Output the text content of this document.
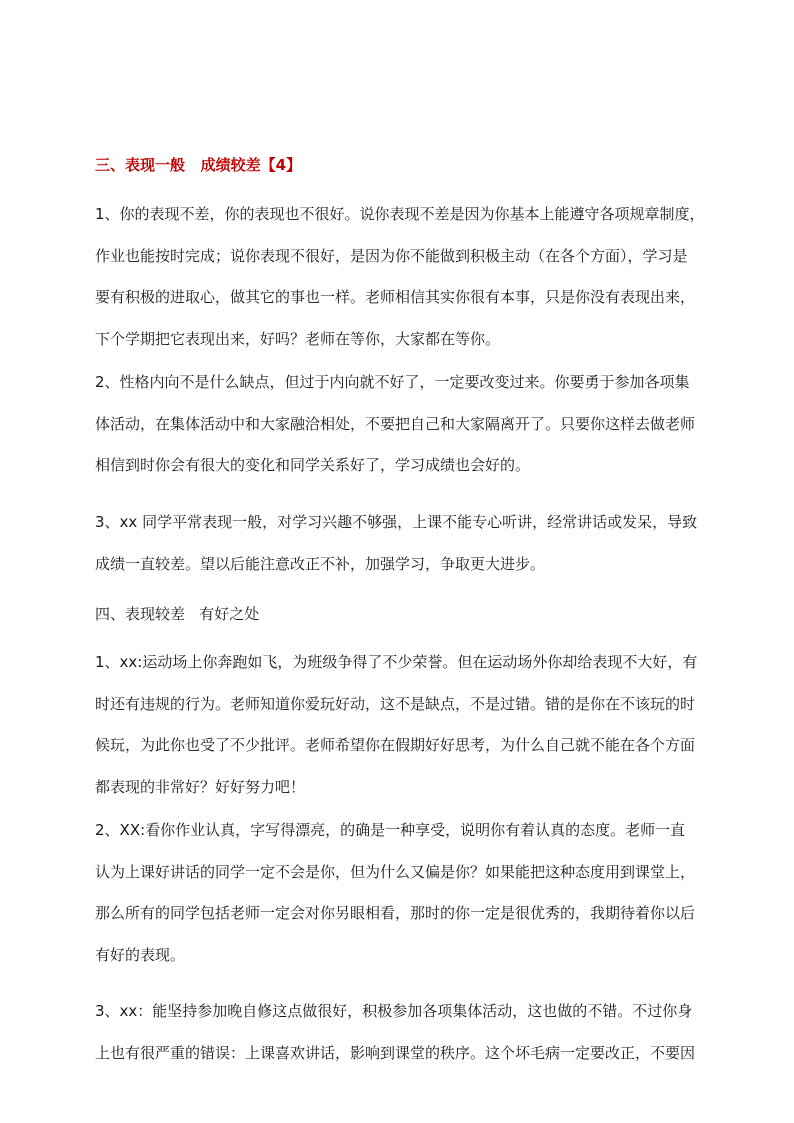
三、表现一般   成绩较差【4】
1、你的表现不差，你的表现也不很好。说你表现不差是因为你基本上能遵守各项规章制度，
作业也能按时完成；说你表现不很好，是因为你不能做到积极主动（在各个方面），学习是
要有积极的进取心，做其它的事也一样。老师相信其实你很有本事，只是你没有表现出来，
下个学期把它表现出来，好吗？老师在等你，大家都在等你。
2、性格内向不是什么缺点，但过于内向就不好了，一定要改变过来。你要勇于参加各项集
体活动，在集体活动中和大家融洽相处，不要把自己和大家隔离开了。只要你这样去做老师
相信到时你会有很大的变化和同学关系好了，学习成绩也会好的。
3、xx 同学平常表现一般，对学习兴趣不够强，上课不能专心听讲，经常讲话或发呆，导致
成绩一直较差。望以后能注意改正不补，加强学习，争取更大进步。
四、表现较差   有好之处
1、xx:运动场上你奔跑如飞，为班级争得了不少荣誉。但在运动场外你却给表现不大好，有
时还有违规的行为。老师知道你爱玩好动，这不是缺点，不是过错。错的是你在不该玩的时
候玩，为此你也受了不少批评。老师希望你在假期好好思考，为什么自己就不能在各个方面
都表现的非常好？好好努力吧！
2、XX:看你作业认真，字写得漂亮，的确是一种享受，说明你有着认真的态度。老师一直
认为上课好讲话的同学一定不会是你，但为什么又偏是你？如果能把这种态度用到课堂上，
那么所有的同学包括老师一定会对你另眼相看，那时的你一定是很优秀的，我期待着你以后
有好的表现。
3、xx：能坚持参加晚自修这点做很好，积极参加各项集体活动，这也做的不错。不过你身
上也有很严重的错误：上课喜欢讲话，影响到课堂的秩序。这个坏毛病一定要改正，不要因
